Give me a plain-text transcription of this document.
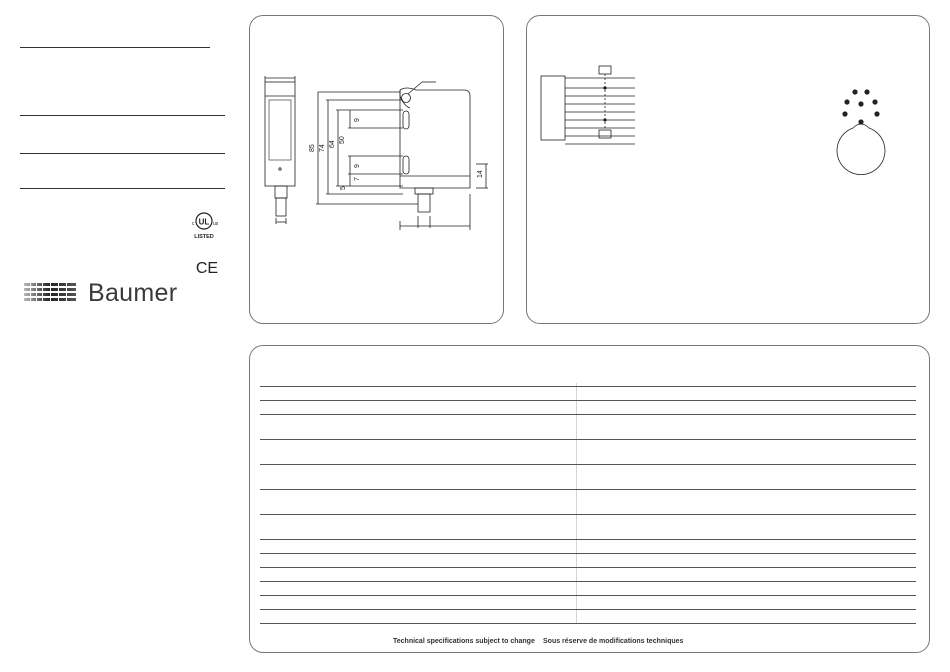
UL
c	us
LISTED
CE
Baumer
85 74
64
50
9
9
7
5
14
Technical specifications subject to change Sous réserve de modifications techniques
